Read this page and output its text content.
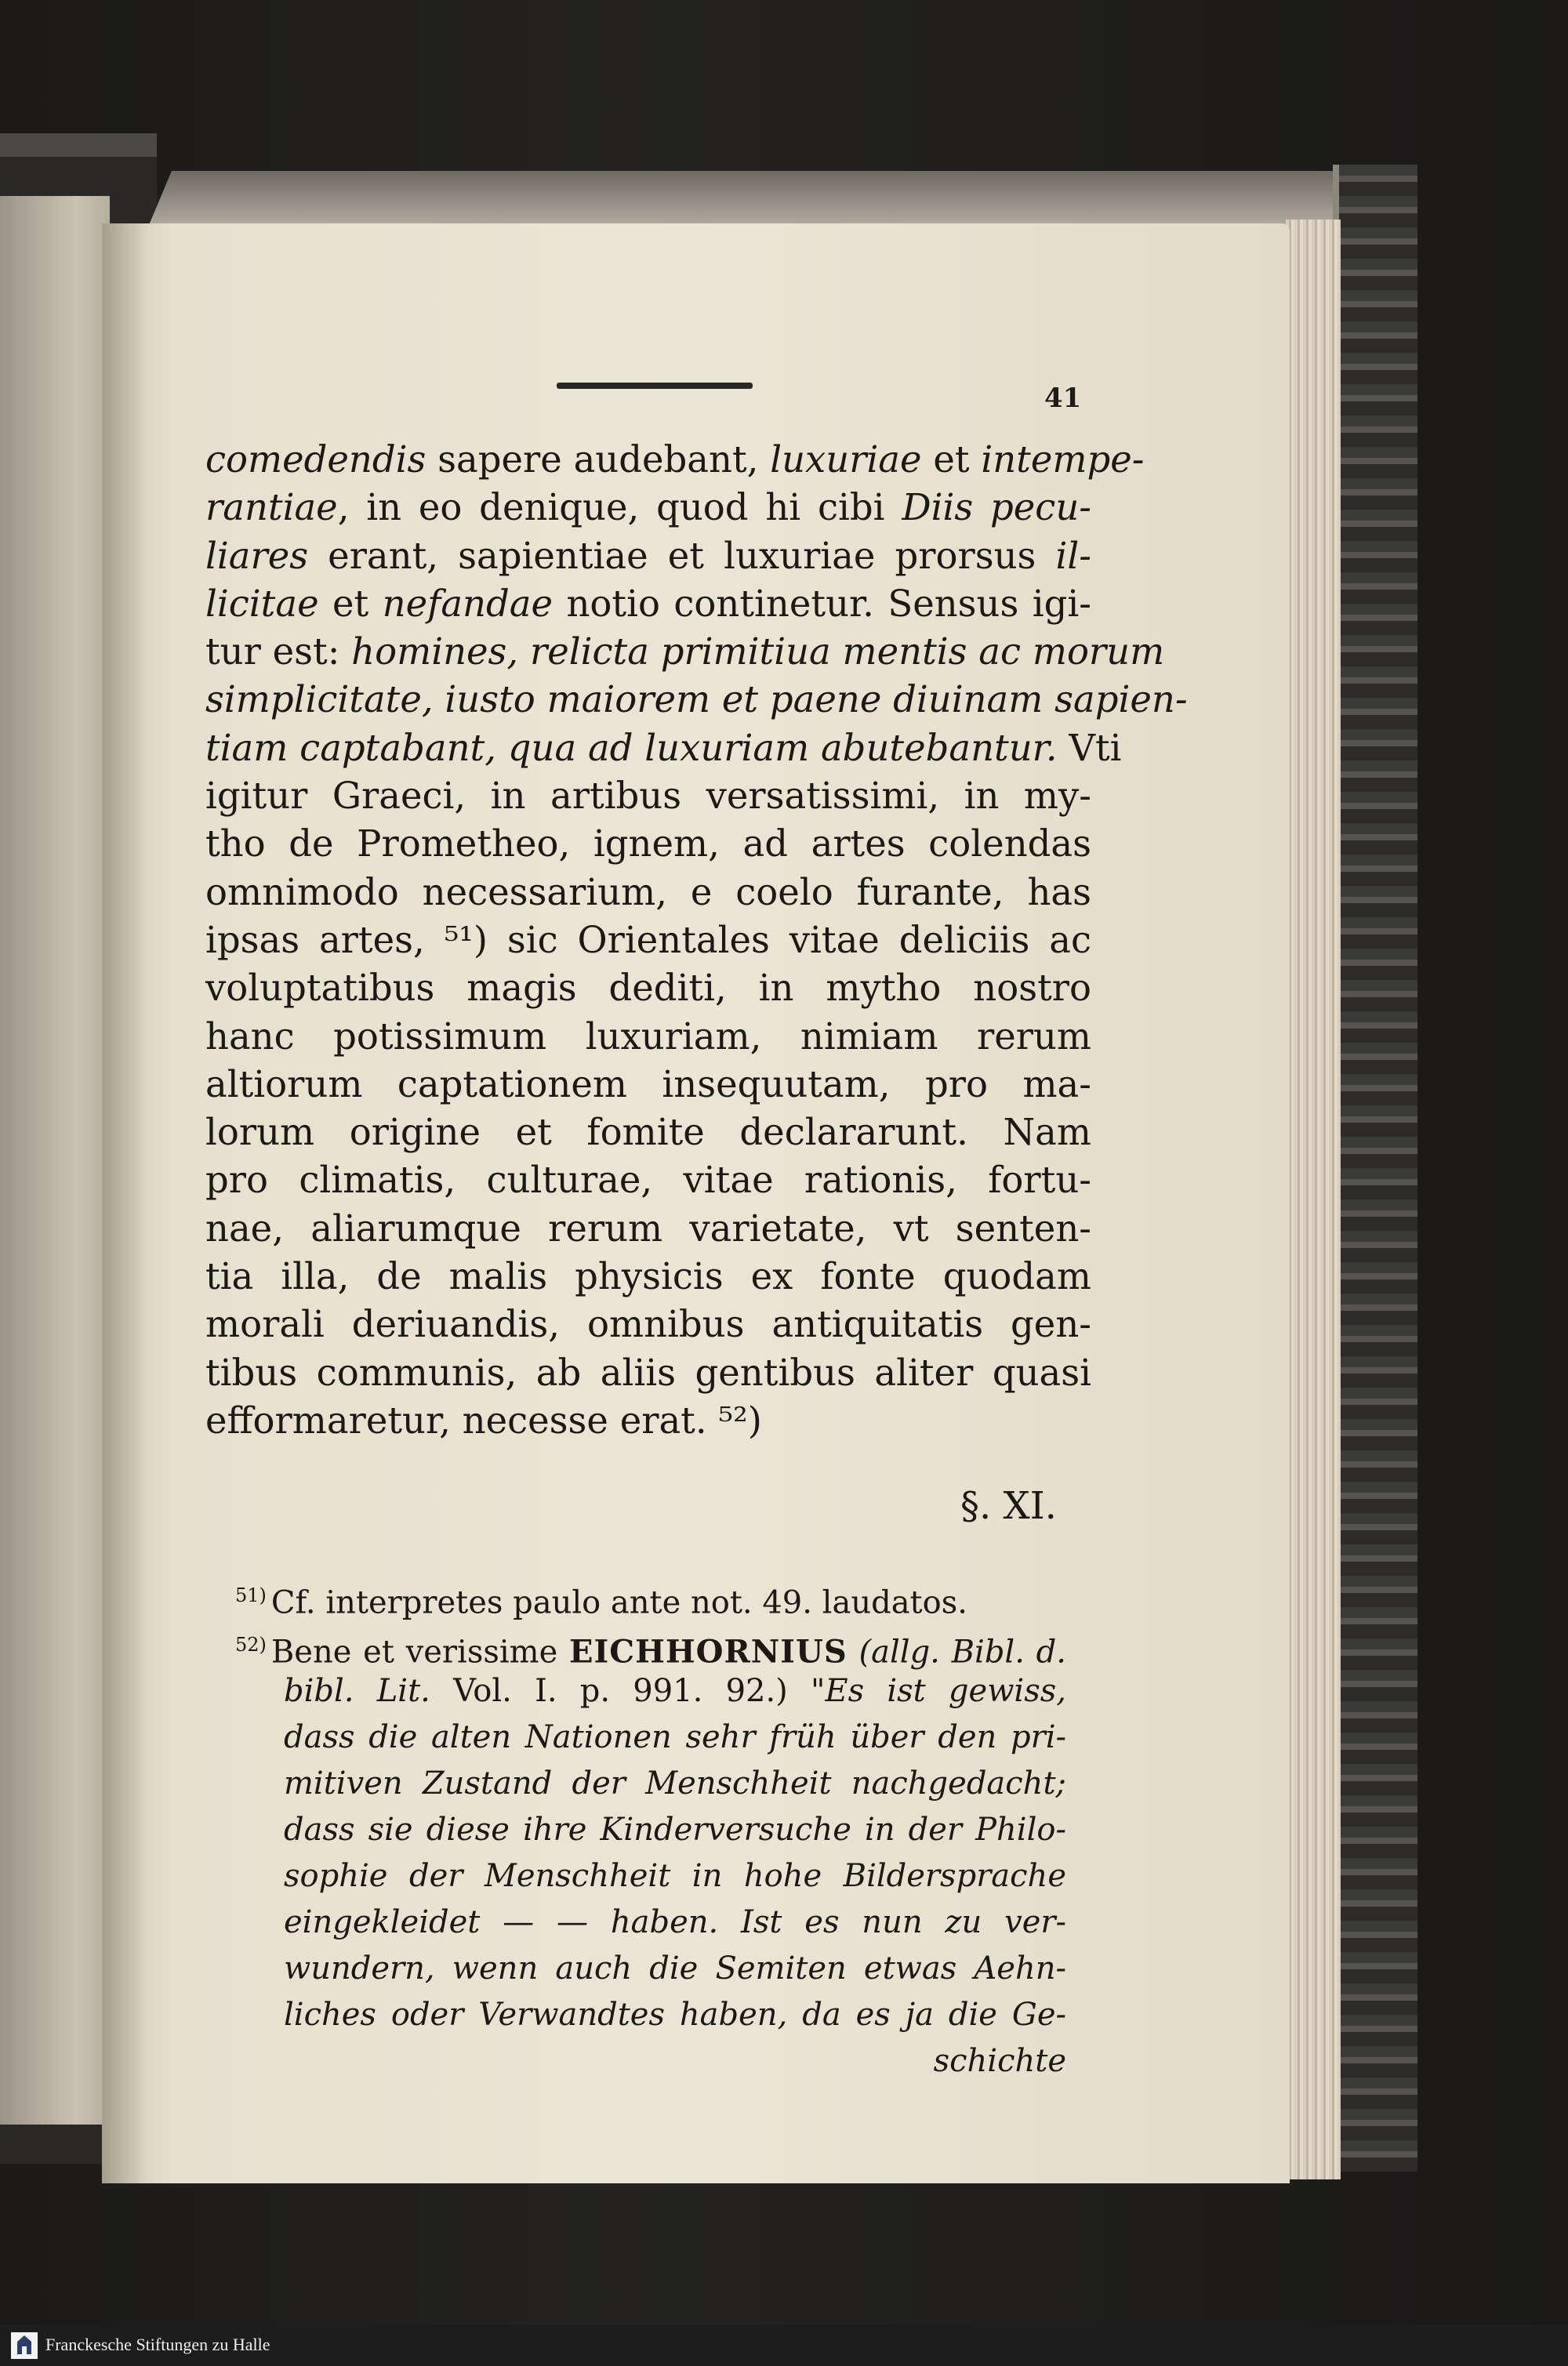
41
comedendis sapere audebant, luxuriae et intempe-
rantiae, in eo denique, quod hi cibi Diis pecu-
liares erant, sapientiae et luxuriae prorsus il-
licitae et nefandae notio continetur. Sensus igi-
tur est: homines, relicta primitiua mentis ac morum
simplicitate, iusto maiorem et paene diuinam sapien-
tiam captabant, qua ad luxuriam abutebantur. Vti
igitur Graeci, in artibus versatissimi, in my-
tho de Prometheo, ignem, ad artes colendas
omnimodo necessarium, e coelo furante, has
ipsas artes, ⁵¹) sic Orientales vitae deliciis ac
voluptatibus magis dediti, in mytho nostro
hanc potissimum luxuriam, nimiam rerum
altiorum captationem insequutam, pro ma-
lorum origine et fomite declararunt. Nam
pro climatis, culturae, vitae rationis, fortu-
nae, aliarumque rerum varietate, vt senten-
tia illa, de malis physicis ex fonte quodam
morali deriuandis, omnibus antiquitatis gen-
tibus communis, ab aliis gentibus aliter quasi
efformaretur, necesse erat. ⁵²)
§. XI.
$^{51)}$ Cf. interpretes paulo ante not. 49. laudatos.
$^{52)}$ Bene et verissime EICHHORNIUS (allg. Bibl. d.
bibl. Lit. Vol. I. p. 991. 92.) "Es ist gewiss,
dass die alten Nationen sehr früh über den pri-
mitiven Zustand der Menschheit nachgedacht;
dass sie diese ihre Kinderversuche in der Philo-
sophie der Menschheit in hohe Bildersprache
eingekleidet — — haben. Ist es nun zu ver-
wundern, wenn auch die Semiten etwas Aehn-
liches oder Verwandtes haben, da es ja die Ge-
schichte
Franckesche Stiftungen zu Halle
